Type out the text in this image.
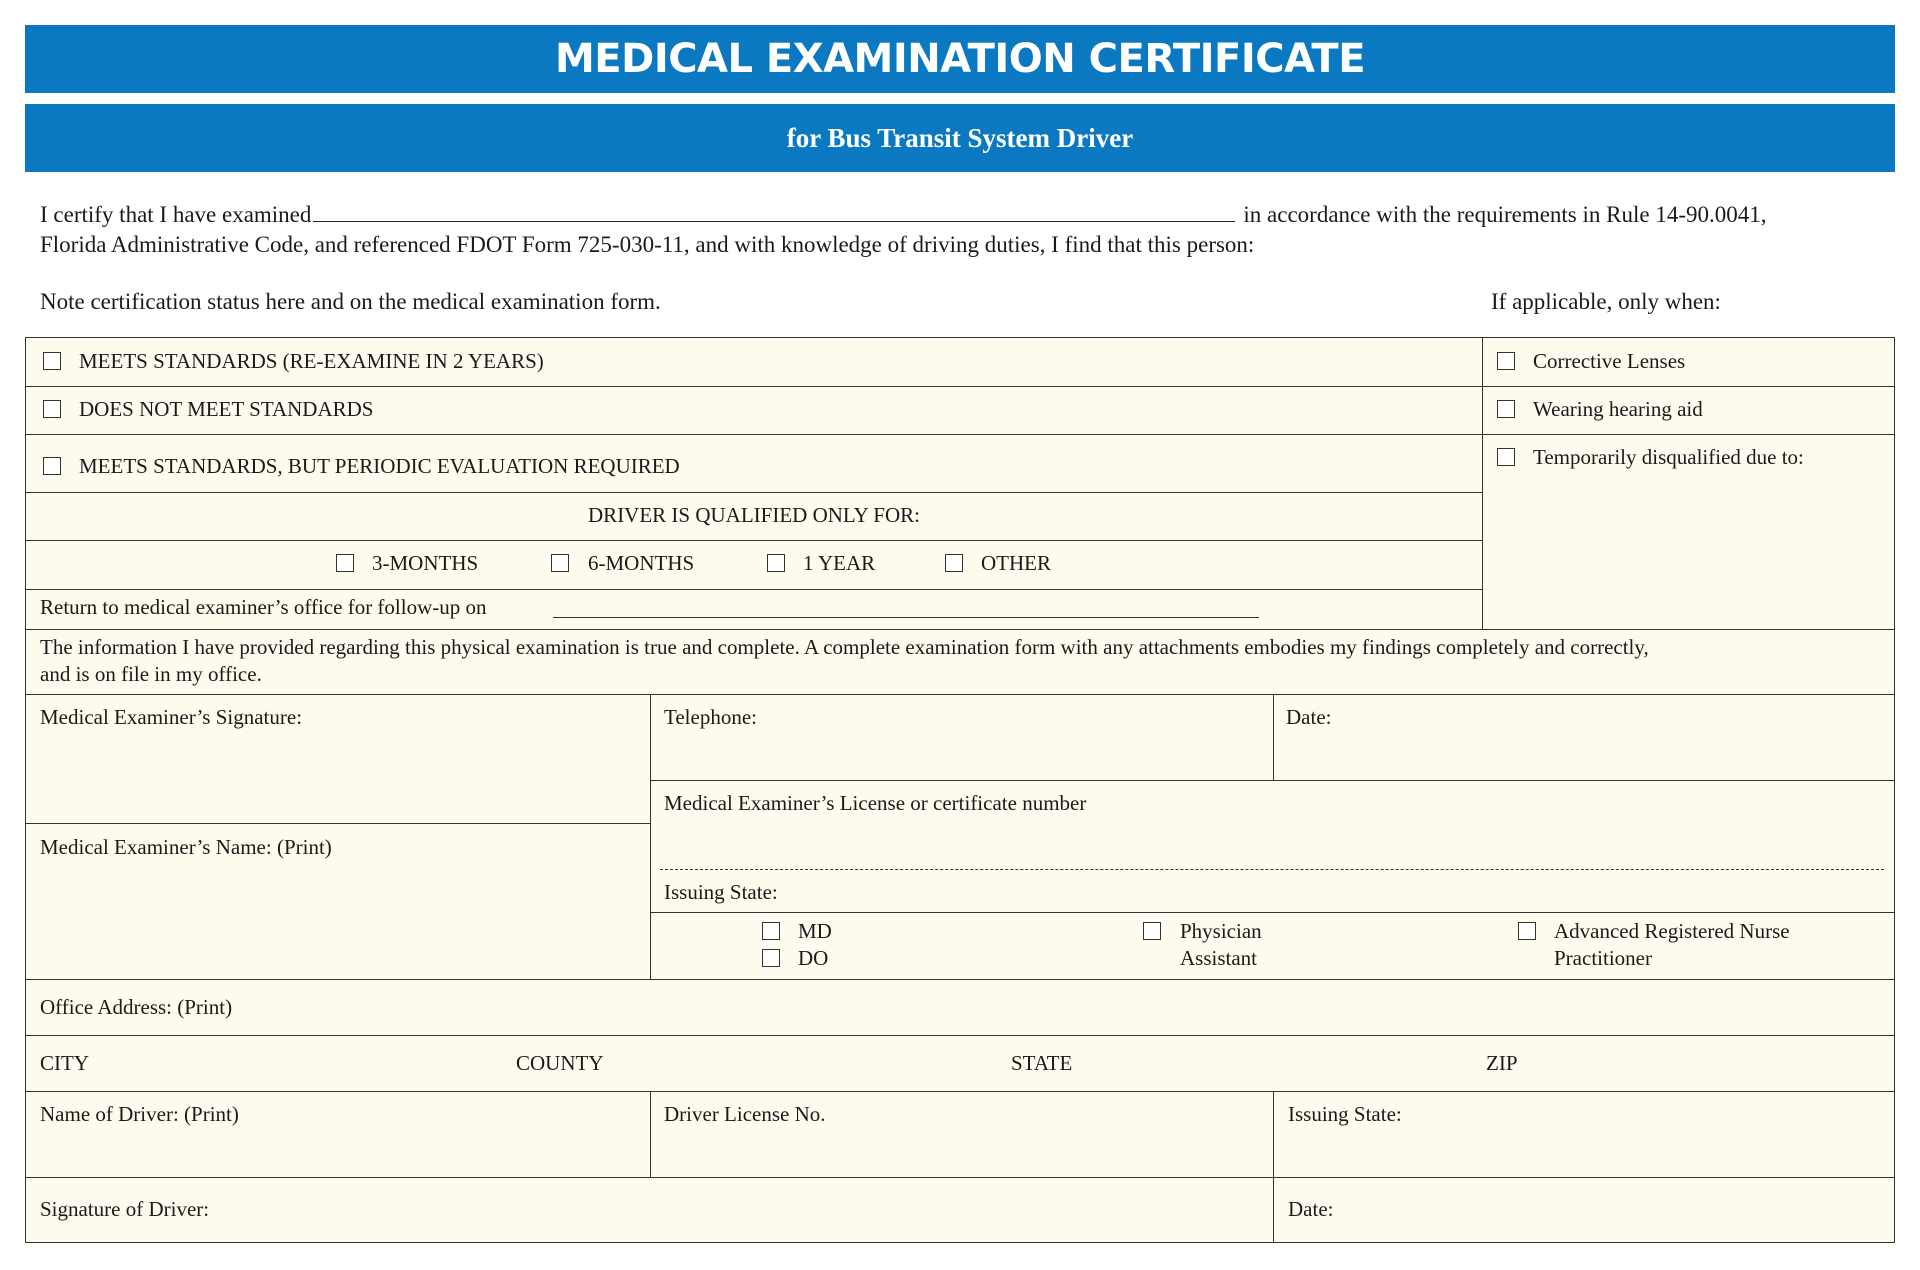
MEDICAL EXAMINATION CERTIFICATE
for Bus Transit System Driver
I certify that I have examined	in accordance with the requirements in Rule 14-90.0041,
Florida Administrative Code, and referenced FDOT Form 725-030-11, and with knowledge of driving duties, I find that this person:
Note certification status here and on the medical examination form.	If applicable, only when:
MEETS STANDARDS (RE-EXAMINE IN 2 YEARS)
DOES NOT MEET STANDARDS
MEETS STANDARDS, BUT PERIODIC EVALUATION REQUIRED
DRIVER IS QUALIFIED ONLY FOR:
3-MONTHS	6-MONTHS	1 YEAR	OTHER
Return to medical examiner’s office for follow-up on
Corrective Lenses
Wearing hearing aid
Temporarily disqualified due to:
The information I have provided regarding this physical examination is true and complete. A complete examination form with any attachments embodies my findings completely and correctly,
and is on file in my office.
Medical Examiner’s Signature:	Telephone:	Date:
Medical Examiner’s License or certificate number
Medical Examiner’s Name: (Print)
Issuing State:
MD
DO
Physician
Assistant
Advanced Registered Nurse
Practitioner
Office Address: (Print)
CITY	COUNTY	STATE	ZIP
Name of Driver: (Print)	Driver License No.	Issuing State:
Signature of Driver:	Date:
